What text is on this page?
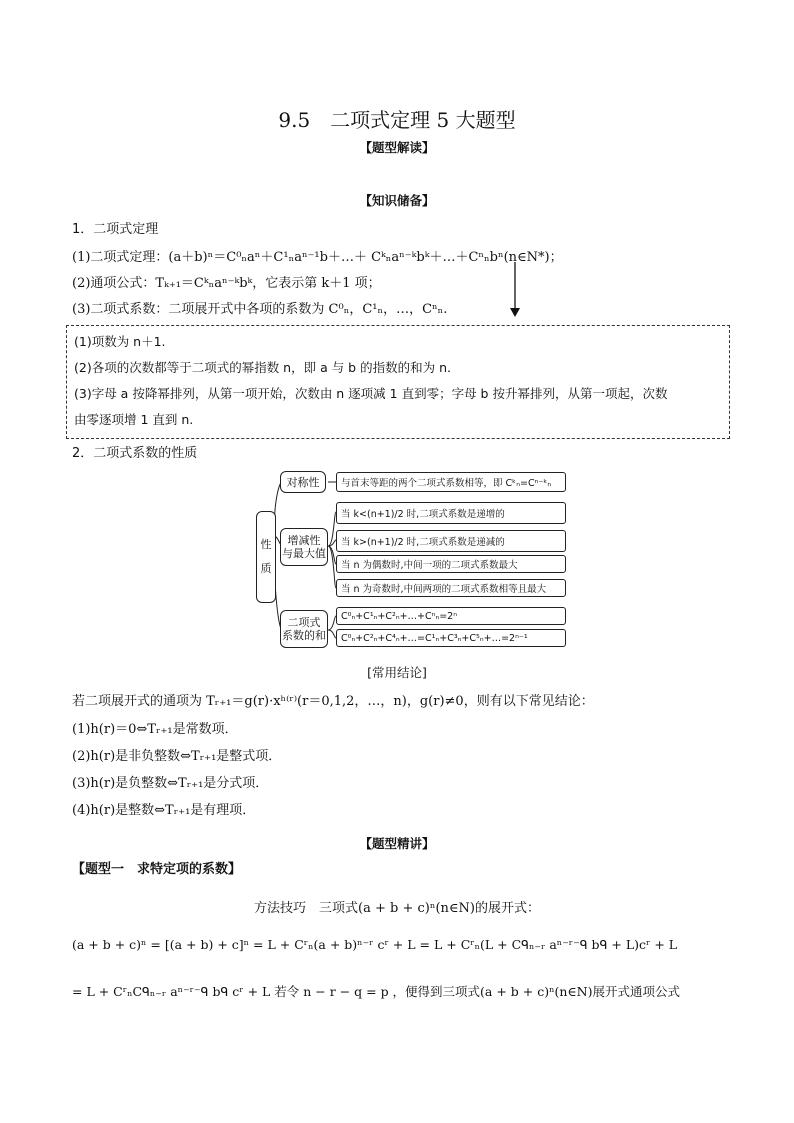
9.5　二项式定理 5 大题型
【题型解读】
【知识储备】
1．二项式定理
(1)二项式定理：(a＋b)ⁿ＝C⁰ₙaⁿ＋C¹ₙaⁿ⁻¹b＋…＋ Cᵏₙaⁿ⁻ᵏbᵏ＋…＋Cⁿₙbⁿ(n∈N*)；
(2)通项公式：Tₖ₊₁＝Cᵏₙaⁿ⁻ᵏbᵏ，它表示第 k＋1 项；
(3)二项式系数：二项展开式中各项的系数为 C⁰ₙ，C¹ₙ，…，Cⁿₙ.
(1)项数为 n＋1.
(2)各项的次数都等于二项式的幂指数 n，即 a 与 b 的指数的和为 n.
(3)字母 a 按降幂排列，从第一项开始，次数由 n 逐项减 1 直到零；字母 b 按升幂排列，从第一项起，次数
由零逐项增 1 直到 n.
2．二项式系数的性质
性

质
对称性
增减性
与最大值
二项式
系数的和
与首末等距的两个二项式系数相等，即 Cᵏₙ=Cⁿ⁻ᵏₙ
当 k<(n+1)/2 时,二项式系数是递增的
当 k>(n+1)/2 时,二项式系数是递减的
当 n 为偶数时,中间一项的二项式系数最大
当 n 为奇数时,中间两项的二项式系数相等且最大
C⁰ₙ+C¹ₙ+C²ₙ+…+Cⁿₙ=2ⁿ
C⁰ₙ+C²ₙ+C⁴ₙ+…=C¹ₙ+C³ₙ+C⁵ₙ+…=2ⁿ⁻¹
[常用结论]
若二项展开式的通项为 Tᵣ₊₁＝g(r)·xʰ⁽ʳ⁾(r＝0,1,2，…，n)，g(r)≠0，则有以下常见结论：
(1)h(r)＝0⇔Tᵣ₊₁是常数项．
(2)h(r)是非负整数⇔Tᵣ₊₁是整式项．
(3)h(r)是负整数⇔Tᵣ₊₁是分式项．
(4)h(r)是整数⇔Tᵣ₊₁是有理项．
【题型精讲】
【题型一　求特定项的系数】
方法技巧　三项式(a + b + c)ⁿ(n∈N)的展开式：
(a + b + c)ⁿ = [(a + b) + c]ⁿ = L + Cʳₙ(a + b)ⁿ⁻ʳ cʳ + L = L + Cʳₙ(L + Cᑫₙ₋ᵣ aⁿ⁻ʳ⁻ᑫ bᑫ + L)cʳ + L
= L + CʳₙCᑫₙ₋ᵣ aⁿ⁻ʳ⁻ᑫ bᑫ cʳ + L 若令 n − r − q = p ，便得到三项式(a + b + c)ⁿ(n∈N)展开式通项公式
